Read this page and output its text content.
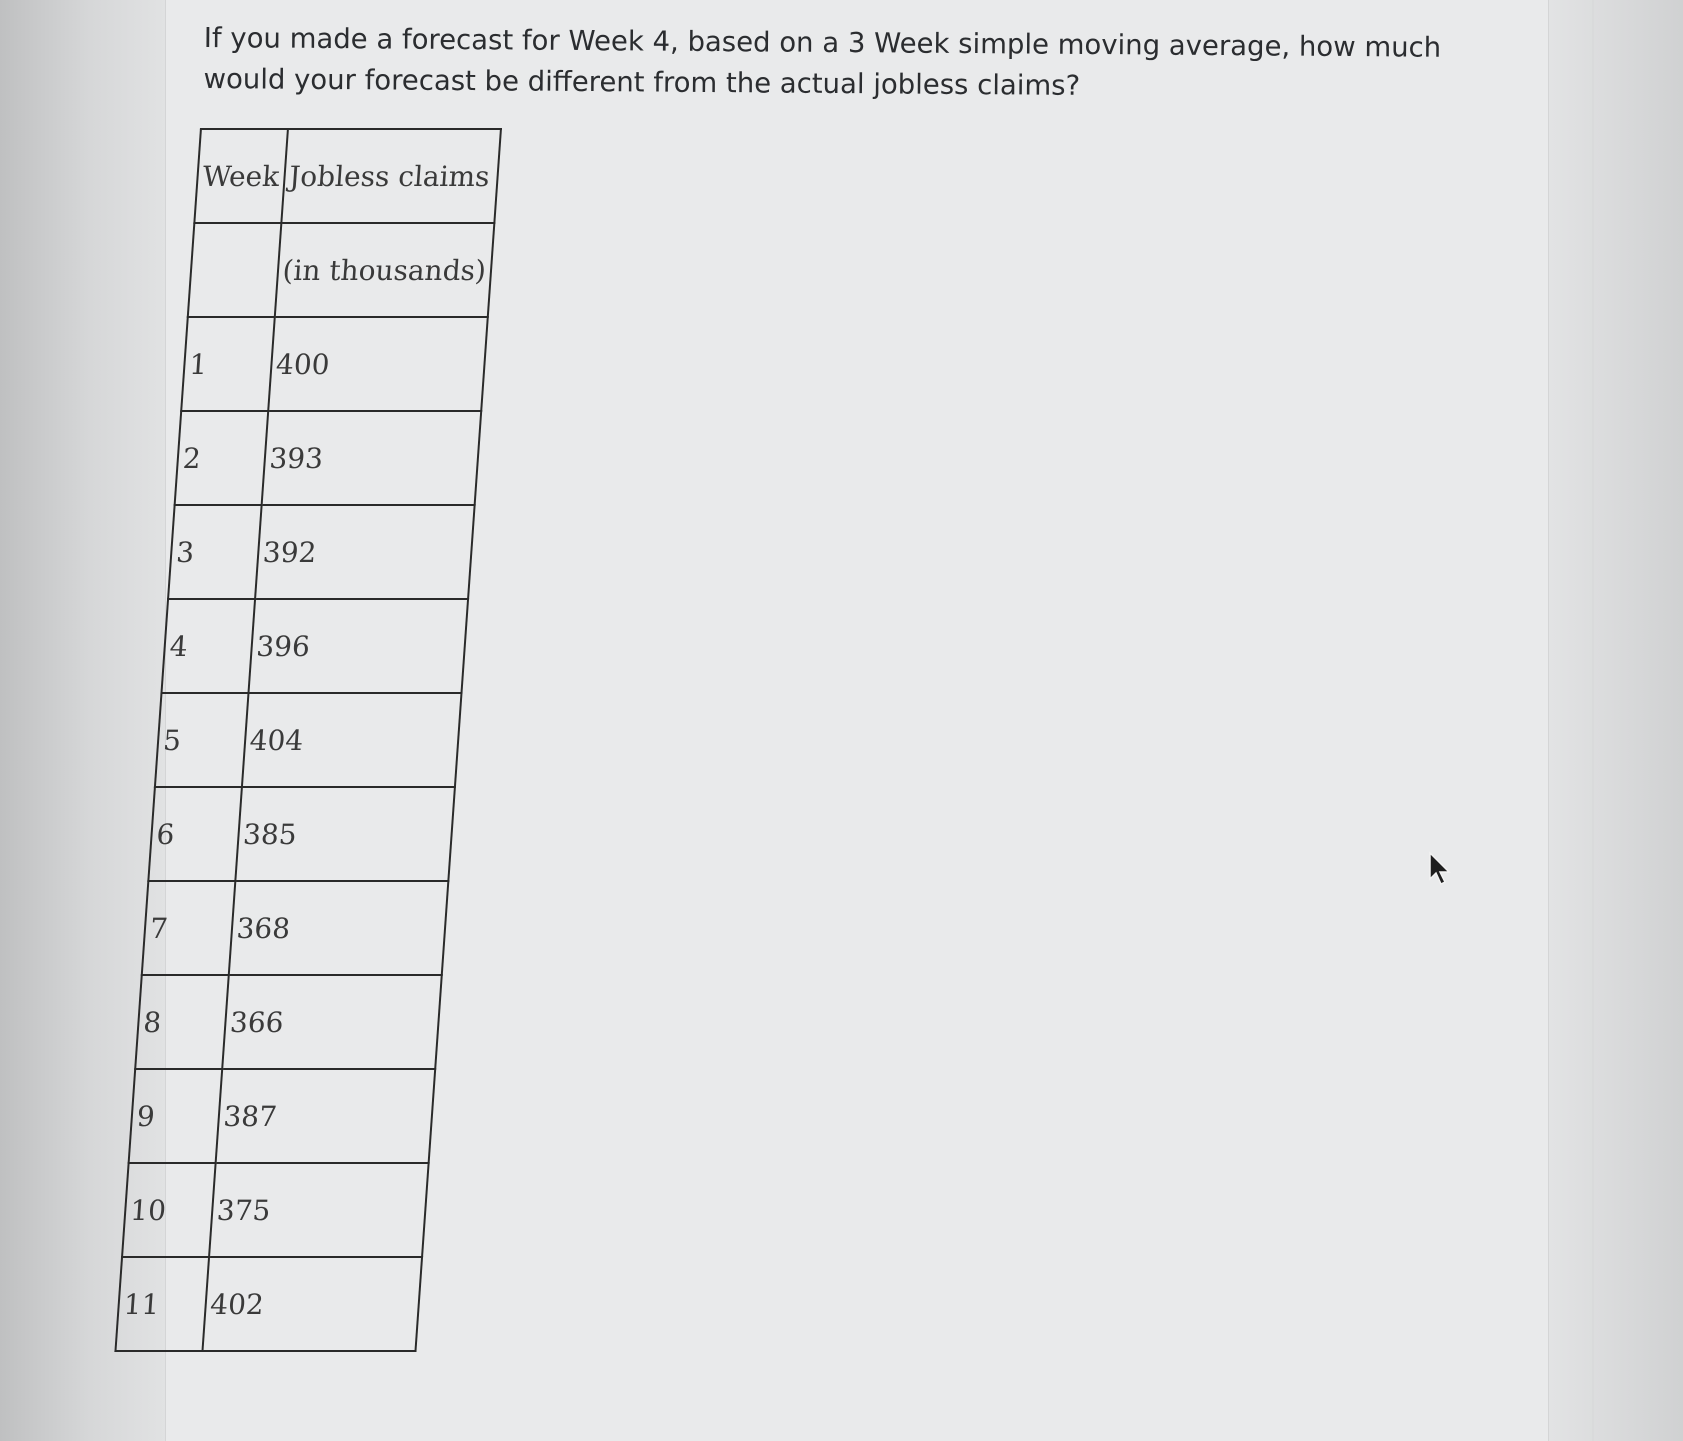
If you made a forecast for Week 4, based on a 3 Week simple moving average, how much would your forecast be different from the actual jobless claims?

Week	Jobless claims
	(in thousands)
1	400
2	393
3	392
4	396
5	404
6	385
7	368
8	366
9	387
10	375
11	402
